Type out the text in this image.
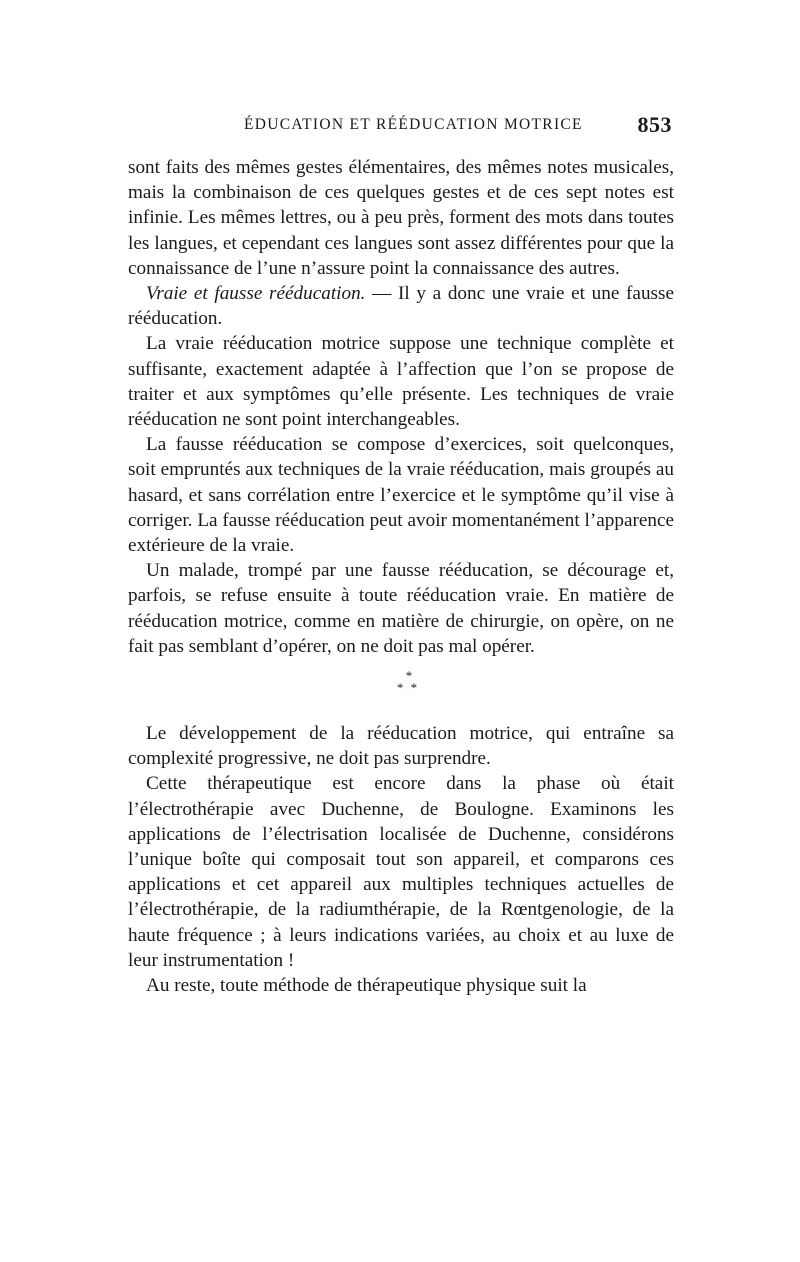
ÉDUCATION ET RÉÉDUCATION MOTRICE 853

sont faits des mêmes gestes élémentaires, des mêmes notes musicales, mais la combinaison de ces quelques gestes et de ces sept notes est infinie. Les mêmes lettres, ou à peu près, forment des mots dans toutes les langues, et cependant ces langues sont assez différentes pour que la connaissance de l’une n’assure point la connaissance des autres.

Vraie et fausse rééducation. — Il y a donc une vraie et une fausse rééducation.

La vraie rééducation motrice suppose une technique complète et suffisante, exactement adaptée à l’affection que l’on se propose de traiter et aux symptômes qu’elle présente. Les techniques de vraie rééducation ne sont point interchangeables.

La fausse rééducation se compose d’exercices, soit quelconques, soit empruntés aux techniques de la vraie rééducation, mais groupés au hasard, et sans corrélation entre l’exercice et le symptôme qu’il vise à corriger. La fausse rééducation peut avoir momentanément l’apparence extérieure de la vraie.

Un malade, trompé par une fausse rééducation, se décourage et, parfois, se refuse ensuite à toute rééducation vraie. En matière de rééducation motrice, comme en matière de chirurgie, on opère, on ne fait pas semblant d’opérer, on ne doit pas mal opérer.

*
* *

Le développement de la rééducation motrice, qui entraîne sa complexité progressive, ne doit pas surprendre.

Cette thérapeutique est encore dans la phase où était l’électrothérapie avec Duchenne, de Boulogne. Examinons les applications de l’électrisation localisée de Duchenne, considérons l’unique boîte qui composait tout son appareil, et comparons ces applications et cet appareil aux multiples techniques actuelles de l’électrothérapie, de la radiumthérapie, de la Rœntgenologie, de la haute fréquence ; à leurs indications variées, au choix et au luxe de leur instrumentation !

Au reste, toute méthode de thérapeutique physique suit la
